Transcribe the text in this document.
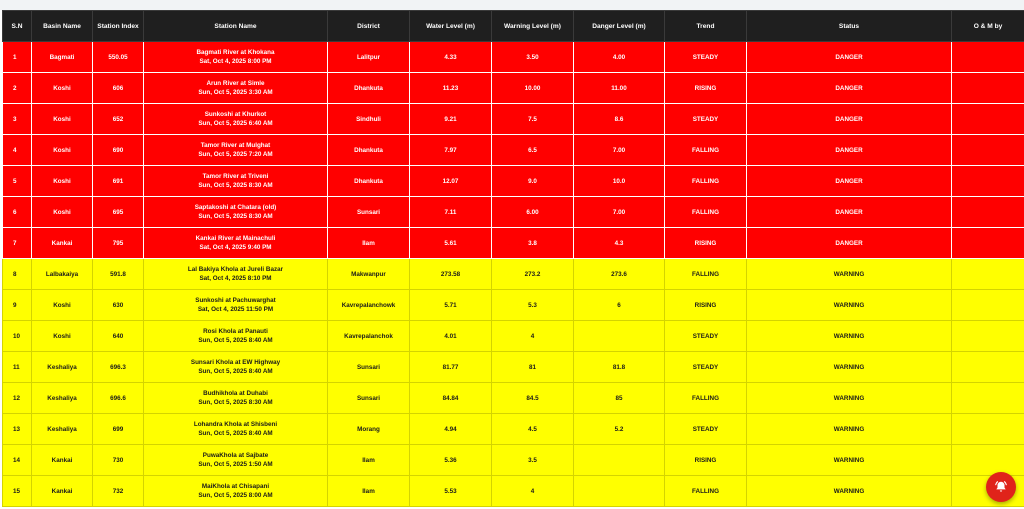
S.N	Basin Name	Station Index	Station Name	District	Water Level (m)	Warning Level (m)	Danger Level (m)	Trend	Status	O & M by
1	Bagmati	550.05	Bagmati River at Khokana
Sat, Oct 4, 2025 8:00 PM	Lalitpur	4.33	3.50	4.00	STEADY	DANGER	
2	Koshi	606	Arun River at Simle
Sun, Oct 5, 2025 3:30 AM	Dhankuta	11.23	10.00	11.00	RISING	DANGER	
3	Koshi	652	Sunkoshi at Khurkot
Sun, Oct 5, 2025 6:40 AM	Sindhuli	9.21	7.5	8.6	STEADY	DANGER	
4	Koshi	690	Tamor River at Mulghat
Sun, Oct 5, 2025 7:20 AM	Dhankuta	7.97	6.5	7.00	FALLING	DANGER	
5	Koshi	691	Tamor River at Triveni
Sun, Oct 5, 2025 8:30 AM	Dhankuta	12.07	9.0	10.0	FALLING	DANGER	
6	Koshi	695	Saptakoshi at Chatara (old)
Sun, Oct 5, 2025 8:30 AM	Sunsari	7.11	6.00	7.00	FALLING	DANGER	
7	Kankai	795	Kankai River at Mainachuli
Sat, Oct 4, 2025 9:40 PM	Ilam	5.61	3.8	4.3	RISING	DANGER	
8	Lalbakaiya	591.8	Lal Bakiya Khola at Jureli Bazar
Sat, Oct 4, 2025 8:10 PM	Makwanpur	273.58	273.2	273.6	FALLING	WARNING	
9	Koshi	630	Sunkoshi at Pachuwarghat
Sat, Oct 4, 2025 11:50 PM	Kavrepalanchowk	5.71	5.3	6	RISING	WARNING	
10	Koshi	640	Rosi Khola at Panauti
Sun, Oct 5, 2025 8:40 AM	Kavrepalanchok	4.01	4		STEADY	WARNING	
11	Keshaliya	696.3	Sunsari Khola at EW Highway
Sun, Oct 5, 2025 8:40 AM	Sunsari	81.77	81	81.8	STEADY	WARNING	
12	Keshaliya	696.6	Budhikhola at Duhabi
Sun, Oct 5, 2025 8:30 AM	Sunsari	84.84	84.5	85	FALLING	WARNING	
13	Keshaliya	699	Lohandra Khola at Shisbeni
Sun, Oct 5, 2025 8:40 AM	Morang	4.94	4.5	5.2	STEADY	WARNING	
14	Kankai	730	PuwaKhola at Sajbate
Sun, Oct 5, 2025 1:50 AM	Ilam	5.36	3.5		RISING	WARNING	
15	Kankai	732	MaiKhola at Chisapani
Sun, Oct 5, 2025 8:00 AM	Ilam	5.53	4		FALLING	WARNING	
